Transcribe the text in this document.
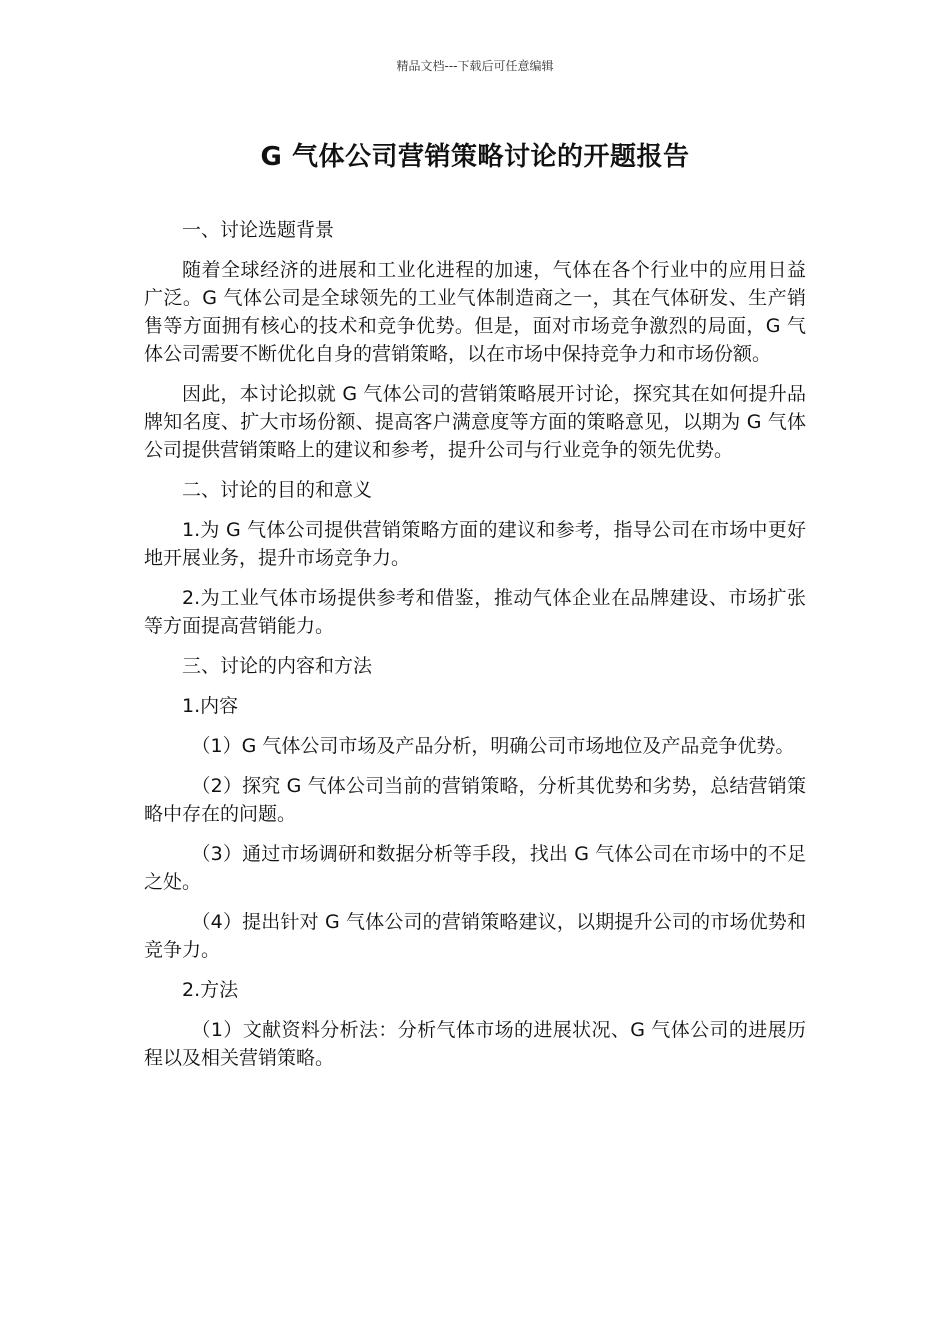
精品文档---下载后可任意编辑
G 气体公司营销策略讨论的开题报告

一、讨论选题背景

随着全球经济的进展和工业化进程的加速，气体在各个行业中的应用日益广泛。G 气体公司是全球领先的工业气体制造商之一，其在气体研发、生产销售等方面拥有核心的技术和竞争优势。但是，面对市场竞争激烈的局面，G 气体公司需要不断优化自身的营销策略，以在市场中保持竞争力和市场份额。

因此，本讨论拟就 G 气体公司的营销策略展开讨论，探究其在如何提升品牌知名度、扩大市场份额、提高客户满意度等方面的策略意见，以期为 G 气体公司提供营销策略上的建议和参考，提升公司与行业竞争的领先优势。

二、讨论的目的和意义

1.为 G 气体公司提供营销策略方面的建议和参考，指导公司在市场中更好地开展业务，提升市场竞争力。

2.为工业气体市场提供参考和借鉴，推动气体企业在品牌建设、市场扩张等方面提高营销能力。

三、讨论的内容和方法

1.内容

（1）G 气体公司市场及产品分析，明确公司市场地位及产品竞争优势。

（2）探究 G 气体公司当前的营销策略，分析其优势和劣势，总结营销策略中存在的问题。

（3）通过市场调研和数据分析等手段，找出 G 气体公司在市场中的不足之处。

（4）提出针对 G 气体公司的营销策略建议，以期提升公司的市场优势和竞争力。

2.方法

（1）文献资料分析法：分析气体市场的进展状况、G 气体公司的进展历程以及相关营销策略。
